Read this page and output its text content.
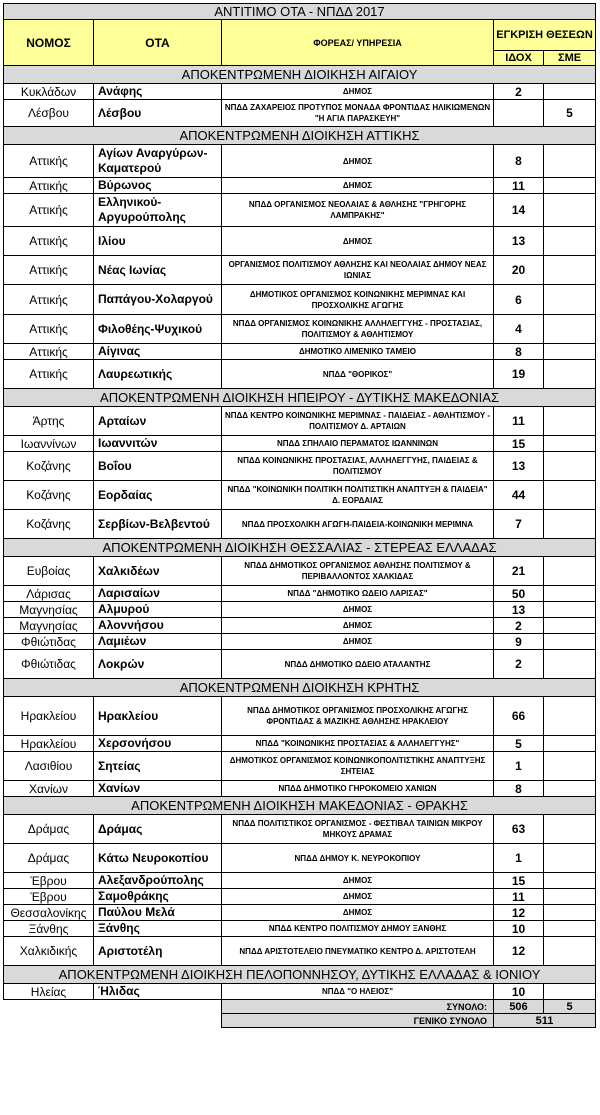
ΑΝΤΙΤΙΜΟ ΟΤΑ - ΝΠΔΔ 2017				
ΝΟΜΟΣ	ΟΤΑ	ΦΟΡΕΑΣ/ ΥΠΗΡΕΣΙΑ	ΕΓΚΡΙΣΗ ΘΕΣΕΩΝ	
			ΙΔΟΧ	ΣΜΕ
ΑΠΟΚΕΝΤΡΩΜΕΝΗ ΔΙΟΙΚΗΣΗ ΑΙΓΑΙΟΥ				
Κυκλάδων	Ανάφης	ΔΗΜΟΣ	2	
Λέσβου	Λέσβου	ΝΠΔΔ ΖΑΧΑΡΕΙΟΣ ΠΡΟΤΥΠΟΣ ΜΟΝΑΔΑ ΦΡΟΝΤΙΔΑΣ ΗΛΙΚΙΩΜΕΝΩΝ "Η ΑΓΙΑ ΠΑΡΑΣΚΕΥΗ"		5
ΑΠΟΚΕΝΤΡΩΜΕΝΗ ΔΙΟΙΚΗΣΗ ΑΤΤΙΚΗΣ				
Αττικής	Αγίων Αναργύρων-Καματερού	ΔΗΜΟΣ	8	
Αττικής	Βύρωνος	ΔΗΜΟΣ	11	
Αττικής	Ελληνικού-Αργυρούπολης	ΝΠΔΔ ΟΡΓΑΝΙΣΜΟΣ ΝΕΟΛΑΙΑΣ & ΑΘΛΗΣΗΣ "ΓΡΗΓΟΡΗΣ ΛΑΜΠΡΑΚΗΣ"	14	
Αττικής	Ιλίου	ΔΗΜΟΣ	13	
Αττικής	Νέας Ιωνίας	ΟΡΓΑΝΙΣΜΟΣ ΠΟΛΙΤΙΣΜΟΥ ΑΘΛΗΣΗΣ ΚΑΙ ΝΕΟΛΑΙΑΣ ΔΗΜΟΥ ΝΕΑΣ ΙΩΝΙΑΣ	20	
Αττικής	Παπάγου-Χολαργού	ΔΗΜΟΤΙΚΟΣ ΟΡΓΑΝΙΣΜΟΣ ΚΟΙΝΩΝΙΚΗΣ ΜΕΡΙΜΝΑΣ ΚΑΙ ΠΡΟΣΧΟΛΙΚΗΣ ΑΓΩΓΗΣ	6	
Αττικής	Φιλοθέης-Ψυχικού	ΝΠΔΔ ΟΡΓΑΝΙΣΜΟΣ ΚΟΙΝΩΝΙΚΗΣ ΑΛΛΗΛΕΓΓΥΗΣ - ΠΡΟΣΤΑΣΙΑΣ, ΠΟΛΙΤΙΣΜΟΥ & ΑΘΛΗΤΙΣΜΟΥ	4	
Αττικής	Αίγινας	ΔΗΜΟΤΙΚΟ ΛΙΜΕΝΙΚΟ ΤΑΜΕΙΟ	8	
Αττικής	Λαυρεωτικής	ΝΠΔΔ "ΘΟΡΙΚΟΣ"	19	
ΑΠΟΚΕΝΤΡΩΜΕΝΗ ΔΙΟΙΚΗΣΗ ΗΠΕΙΡΟΥ - ΔΥΤΙΚΗΣ ΜΑΚΕΔΟΝΙΑΣ				
Άρτης	Αρταίων	ΝΠΔΔ ΚΕΝΤΡΟ ΚΟΙΝΩΝΙΚΗΣ ΜΕΡΙΜΝΑΣ - ΠΑΙΔΕΙΑΣ - ΑΘΛΗΤΙΣΜΟΥ - ΠΟΛΙΤΙΣΜΟΥ Δ. ΑΡΤΑΙΩΝ	11	
Ιωαννίνων	Ιωαννιτών	ΝΠΔΔ ΣΠΗΛΑΙΟ ΠΕΡΑΜΑΤΟΣ ΙΩΑΝΝΙΝΩΝ	15	
Κοζάνης	Βοΐου	ΝΠΔΔ ΚΟΙΝΩΝΙΚΗΣ ΠΡΟΣΤΑΣΙΑΣ, ΑΛΛΗΛΕΓΓΥΗΣ, ΠΑΙΔΕΙΑΣ & ΠΟΛΙΤΙΣΜΟΥ	13	
Κοζάνης	Εορδαίας	ΝΠΔΔ "ΚΟΙΝΩΝΙΚΗ ΠΟΛΙΤΙΚΗ ΠΟΛΙΤΙΣΤΙΚΗ ΑΝΑΠΤΥΞΗ & ΠΑΙΔΕΙΑ" Δ. ΕΟΡΔΑΙΑΣ	44	
Κοζάνης	Σερβίων-Βελβεντού	ΝΠΔΔ ΠΡΟΣΧΟΛΙΚΗ ΑΓΩΓΗ-ΠΑΙΔΕΙΑ-ΚΟΙΝΩΝΙΚΗ ΜΕΡΙΜΝΑ	7	
ΑΠΟΚΕΝΤΡΩΜΕΝΗ ΔΙΟΙΚΗΣΗ ΘΕΣΣΑΛΙΑΣ - ΣΤΕΡΕΑΣ ΕΛΛΑΔΑΣ				
Ευβοίας	Χαλκιδέων	ΝΠΔΔ ΔΗΜΟΤΙΚΟΣ ΟΡΓΑΝΙΣΜΟΣ ΑΘΛΗΣΗΣ ΠΟΛΙΤΙΣΜΟΥ & ΠΕΡΙΒΑΛΛΟΝΤΟΣ ΧΑΛΚΙΔΑΣ	21	
Λάρισας	Λαρισαίων	ΝΠΔΔ "ΔΗΜΟΤΙΚΟ ΩΔΕΙΟ ΛΑΡΙΣΑΣ"	50	
Μαγνησίας	Αλμυρού	ΔΗΜΟΣ	13	
Μαγνησίας	Αλοννήσου	ΔΗΜΟΣ	2	
Φθιώτιδας	Λαμιέων	ΔΗΜΟΣ	9	
Φθιώτιδας	Λοκρών	ΝΠΔΔ ΔΗΜΟΤΙΚΟ ΩΔΕΙΟ ΑΤΑΛΑΝΤΗΣ	2	
ΑΠΟΚΕΝΤΡΩΜΕΝΗ ΔΙΟΙΚΗΣΗ ΚΡΗΤΗΣ				
Ηρακλείου	Ηρακλείου	ΝΠΔΔ ΔΗΜΟΤΙΚΟΣ ΟΡΓΑΝΙΣΜΟΣ ΠΡΟΣΧΟΛΙΚΗΣ ΑΓΩΓΗΣ ΦΡΟΝΤΙΔΑΣ & ΜΑΖΙΚΗΣ ΑΘΛΗΣΗΣ ΗΡΑΚΛΕΙΟΥ	66	
Ηρακλείου	Χερσονήσου	ΝΠΔΔ "ΚΟΙΝΩΝΙΚΗΣ ΠΡΟΣΤΑΣΙΑΣ & ΑΛΛΗΛΕΓΓΥΗΣ"	5	
Λασιθίου	Σητείας	ΔΗΜΟΤΙΚΟΣ ΟΡΓΑΝΙΣΜΟΣ ΚΟΙΝΩΝΙΚΟΠΟΛΙΤΙΣΤΙΚΗΣ ΑΝΑΠΤΥΞΗΣ ΣΗΤΕΙΑΣ	1	
Χανίων	Χανίων	ΝΠΔΔ ΔΗΜΟΤΙΚΟ ΓΗΡΟΚΟΜΕΙΟ ΧΑΝΙΩΝ	8	
ΑΠΟΚΕΝΤΡΩΜΕΝΗ ΔΙΟΙΚΗΣΗ ΜΑΚΕΔΟΝΙΑΣ - ΘΡΑΚΗΣ				
Δράμας	Δράμας	ΝΠΔΔ ΠΟΛΙΤΙΣΤΙΚΟΣ ΟΡΓΑΝΙΣΜΟΣ - ΦΕΣΤΙΒΑΛ ΤΑΙΝΙΩΝ ΜΙΚΡΟΥ ΜΗΚΟΥΣ ΔΡΑΜΑΣ	63	
Δράμας	Κάτω Νευροκοπίου	ΝΠΔΔ ΔΗΜΟΥ Κ. ΝΕΥΡΟΚΟΠΙΟΥ	1	
Έβρου	Αλεξανδρούπολης	ΔΗΜΟΣ	15	
Έβρου	Σαμοθράκης	ΔΗΜΟΣ	11	
Θεσσαλονίκης	Παύλου Μελά	ΔΗΜΟΣ	12	
Ξάνθης	Ξάνθης	ΝΠΔΔ ΚΕΝΤΡΟ ΠΟΛΙΤΙΣΜΟΥ ΔΗΜΟΥ ΞΑΝΘΗΣ	10	
Χαλκιδικής	Αριστοτέλη	ΝΠΔΔ ΑΡΙΣΤΟΤΕΛΕΙΟ ΠΝΕΥΜΑΤΙΚΟ ΚΕΝΤΡΟ Δ. ΑΡΙΣΤΟΤΕΛΗ	12	
ΑΠΟΚΕΝΤΡΩΜΕΝΗ ΔΙΟΙΚΗΣΗ ΠΕΛΟΠΟΝΝΗΣΟΥ, ΔΥΤΙΚΗΣ ΕΛΛΑΔΑΣ & ΙΟΝΙΟΥ				
Ηλείας	Ήλιδας	ΝΠΔΔ "Ο ΗΛΕΙΟΣ"	10	
		ΣΥΝΟΛΟ:	506	5
		ΓΕΝΙΚΟ ΣΥΝΟΛΟ	511	
